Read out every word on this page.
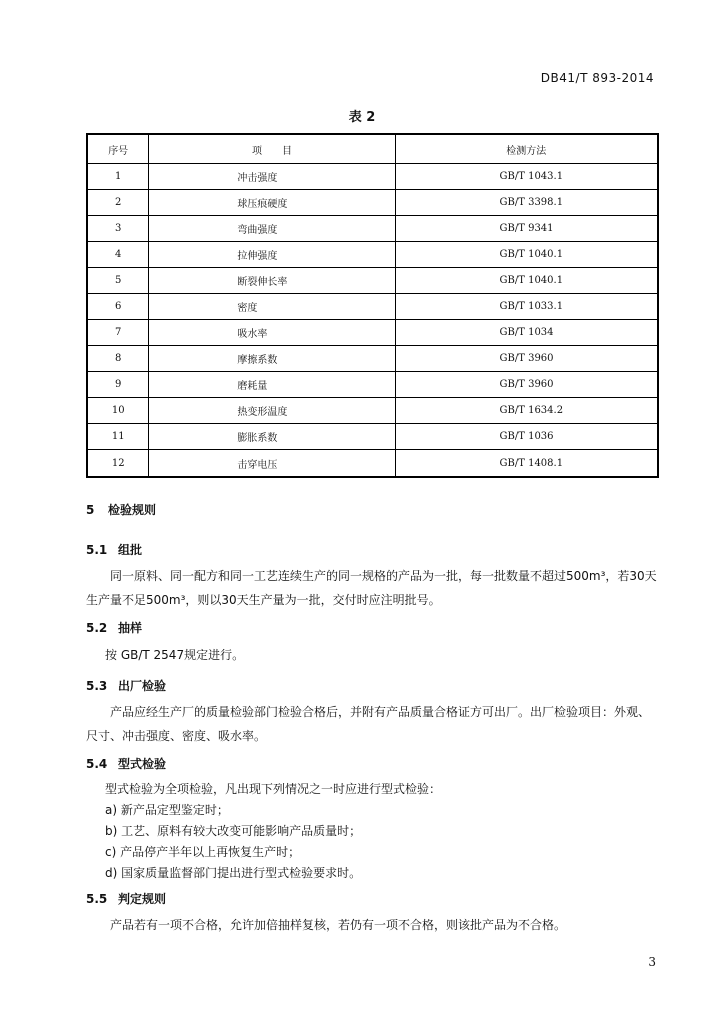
DB41/T 893-2014
表 2
序号	项　　目	检测方法
1	冲击强度	GB/T 1043.1
2	球压痕硬度	GB/T 3398.1
3	弯曲强度	GB/T 9341
4	拉伸强度	GB/T 1040.1
5	断裂伸长率	GB/T 1040.1
6	密度	GB/T 1033.1
7	吸水率	GB/T 1034
8	摩擦系数	GB/T 3960
9	磨耗量	GB/T 3960
10	热变形温度	GB/T 1634.2
11	膨胀系数	GB/T 1036
12	击穿电压	GB/T 1408.1
5 检验规则
5.1 组批
同一原料、同一配方和同一工艺连续生产的同一规格的产品为一批，每一批数量不超过500m³，若30天生产量不足500m³，则以30天生产量为一批，交付时应注明批号。
5.2 抽样
按 GB/T 2547规定进行。
5.3 出厂检验
产品应经生产厂的质量检验部门检验合格后，并附有产品质量合格证方可出厂。出厂检验项目：外观、尺寸、冲击强度、密度、吸水率。
5.4 型式检验
型式检验为全项检验，凡出现下列情况之一时应进行型式检验：
a) 新产品定型鉴定时；
b) 工艺、原料有较大改变可能影响产品质量时；
c) 产品停产半年以上再恢复生产时；
d) 国家质量监督部门提出进行型式检验要求时。
5.5 判定规则
产品若有一项不合格，允许加倍抽样复核，若仍有一项不合格，则该批产品为不合格。
3
